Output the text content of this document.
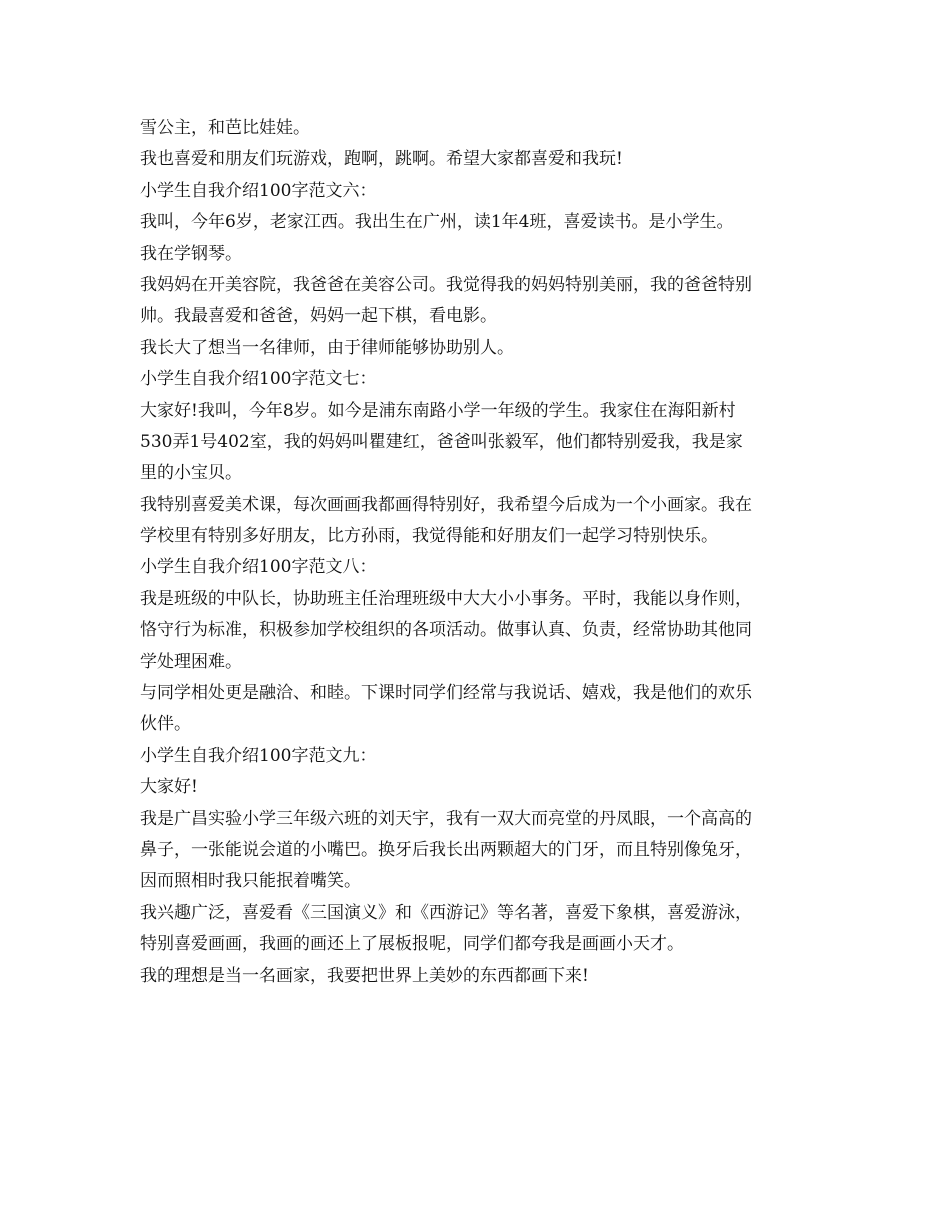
雪公主，和芭比娃娃。
我也喜爱和朋友们玩游戏，跑啊，跳啊。希望大家都喜爱和我玩!
小学生自我介绍100字范文六：
我叫，今年6岁，老家江西。我出生在广州，读1年4班，喜爱读书。是小学生。
我在学钢琴。
我妈妈在开美容院，我爸爸在美容公司。我觉得我的妈妈特别美丽，我的爸爸特别
帅。我最喜爱和爸爸，妈妈一起下棋，看电影。
我长大了想当一名律师，由于律师能够协助别人。
小学生自我介绍100字范文七：
大家好!我叫，今年8岁。如今是浦东南路小学一年级的学生。我家住在海阳新村
530弄1号402室，我的妈妈叫瞿建红，爸爸叫张毅军，他们都特别爱我，我是家
里的小宝贝。
我特别喜爱美术课，每次画画我都画得特别好，我希望今后成为一个小画家。我在
学校里有特别多好朋友，比方孙雨，我觉得能和好朋友们一起学习特别快乐。
小学生自我介绍100字范文八：
我是班级的中队长，协助班主任治理班级中大大小小事务。平时，我能以身作则，
恪守行为标准，积极参加学校组织的各项活动。做事认真、负责，经常协助其他同
学处理困难。
与同学相处更是融洽、和睦。下课时同学们经常与我说话、嬉戏，我是他们的欢乐
伙伴。
小学生自我介绍100字范文九：
大家好!
我是广昌实验小学三年级六班的刘天宇，我有一双大而亮堂的丹凤眼，一个高高的
鼻子，一张能说会道的小嘴巴。换牙后我长出两颗超大的门牙，而且特别像兔牙，
因而照相时我只能抿着嘴笑。
我兴趣广泛，喜爱看《三国演义》和《西游记》等名著，喜爱下象棋，喜爱游泳，
特别喜爱画画，我画的画还上了展板报呢，同学们都夸我是画画小天才。
我的理想是当一名画家，我要把世界上美妙的东西都画下来!
